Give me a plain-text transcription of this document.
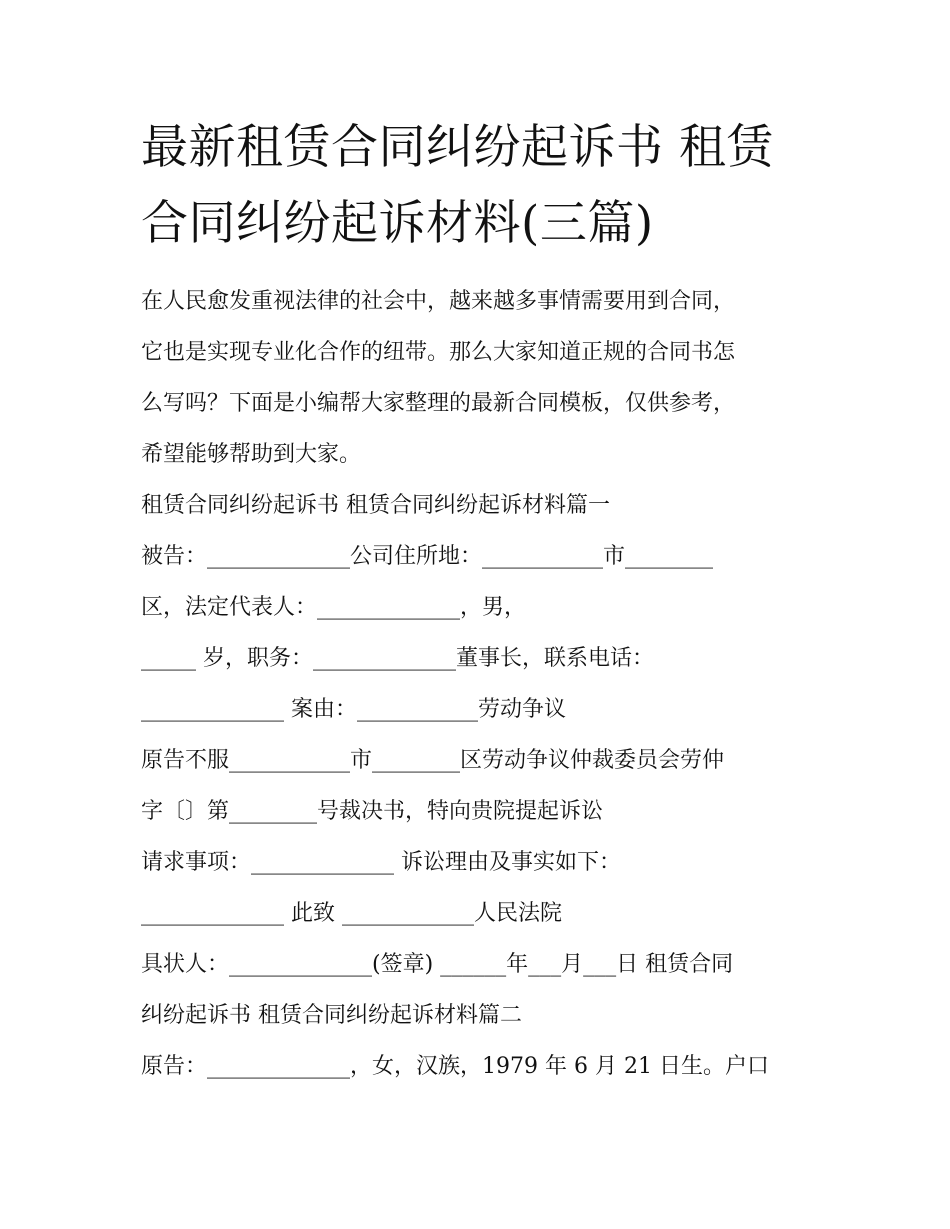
最新租赁合同纠纷起诉书 租赁
合同纠纷起诉材料(三篇)

在人民愈发重视法律的社会中，越来越多事情需要用到合同，
它也是实现专业化合作的纽带。那么大家知道正规的合同书怎
么写吗？下面是小编帮大家整理的最新合同模板，仅供参考，
希望能够帮助到大家。

租赁合同纠纷起诉书 租赁合同纠纷起诉材料篇一

被告：_____________公司住所地：___________市________

区，法定代表人：_____________，男，

_____ 岁，职务：_____________董事长，联系电话：

_____________ 案由：___________劳动争议

原告不服___________市________区劳动争议仲裁委员会劳仲

字〔〕第________号裁决书，特向贵院提起诉讼

请求事项：_____________ 诉讼理由及事实如下：

_____________ 此致 ____________人民法院

具状人：_____________(签章) ______年___月___日 租赁合同

纠纷起诉书 租赁合同纠纷起诉材料篇二

原告：_____________，女，汉族，1979 年 6 月 21 日生。户口
